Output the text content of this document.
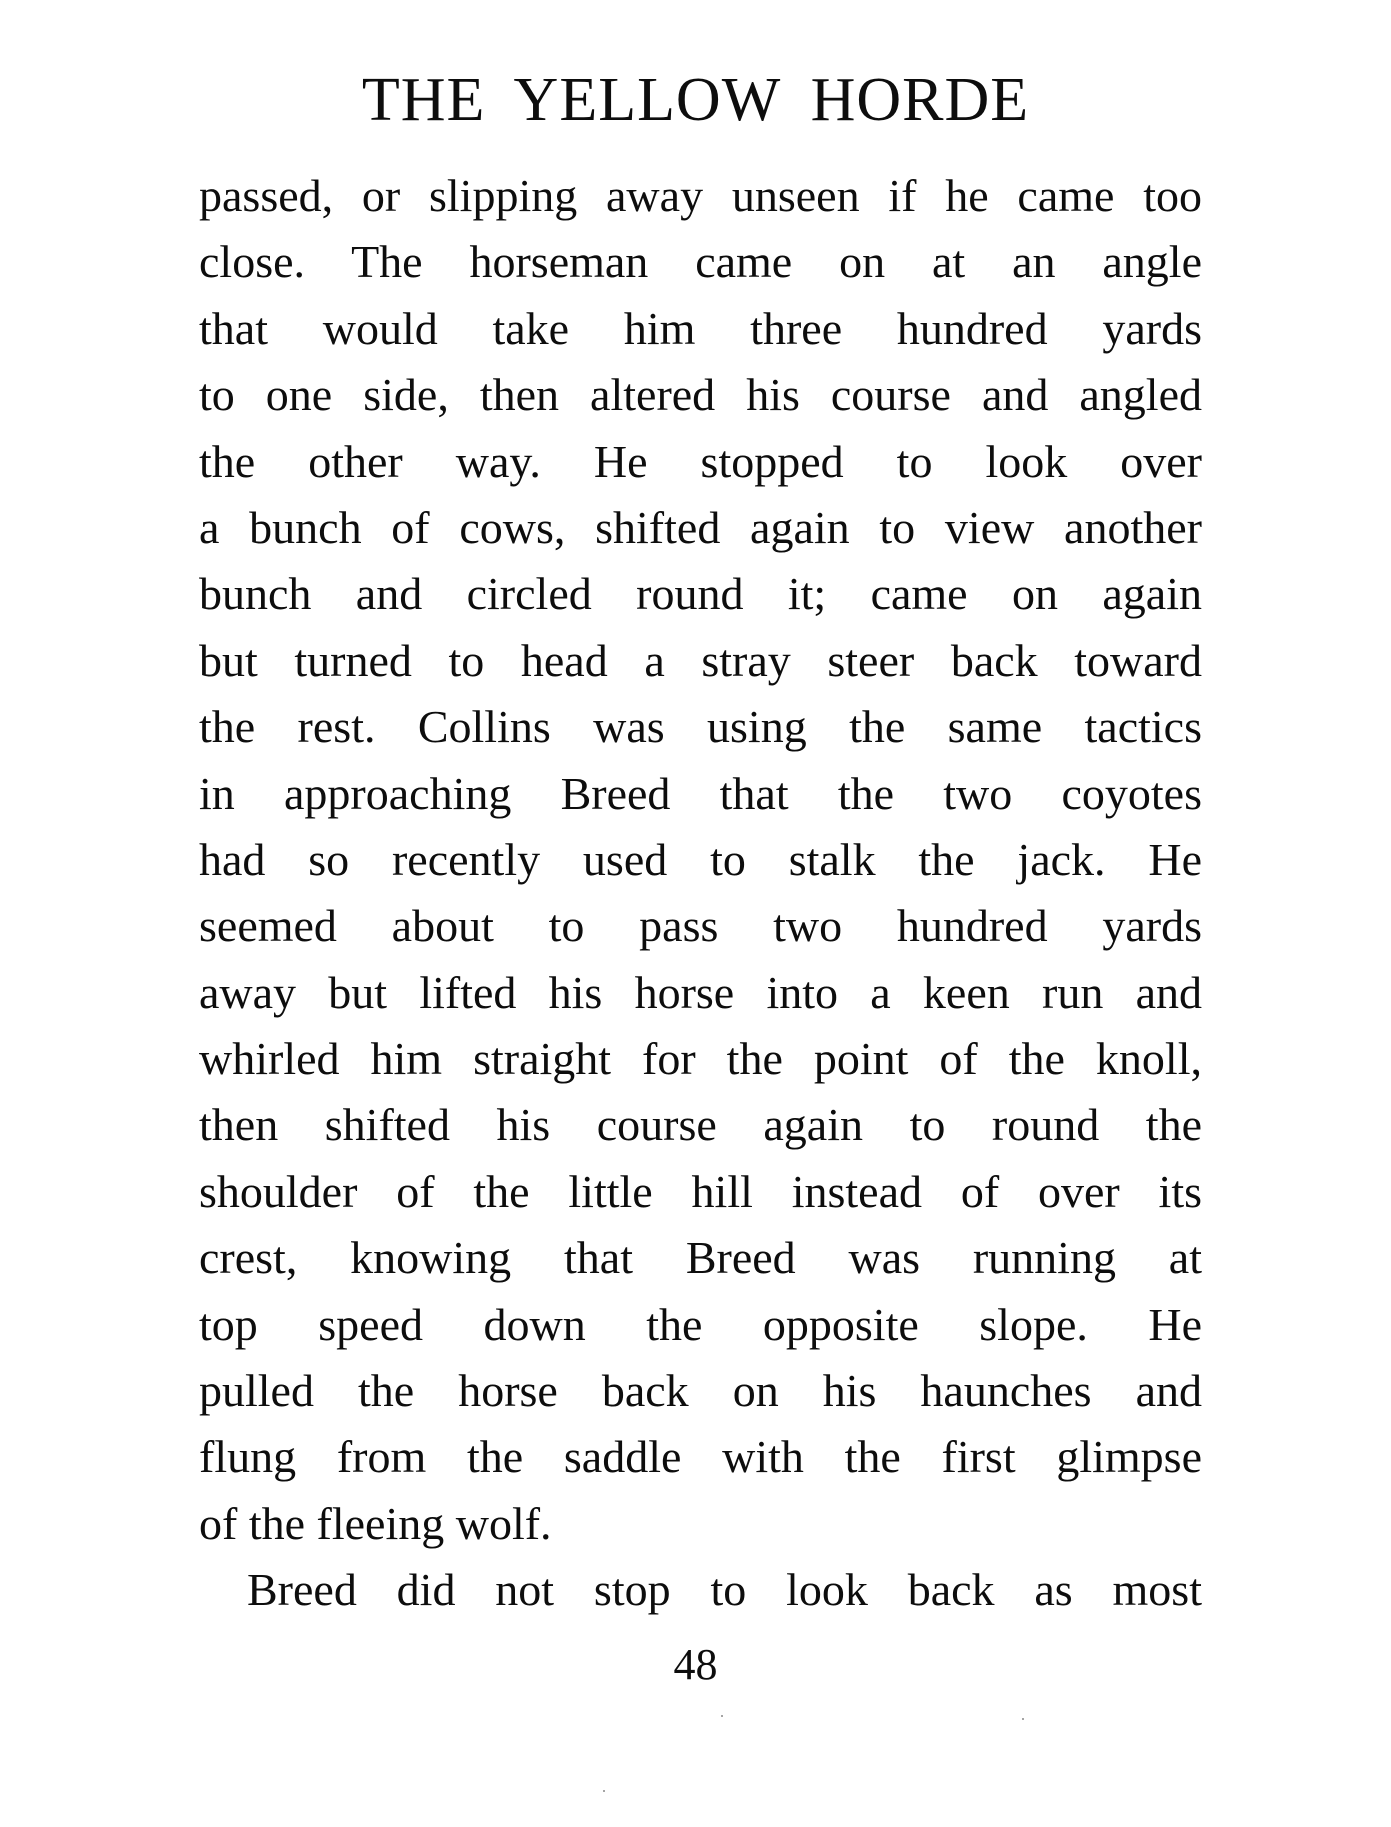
THE YELLOW HORDE
passed, or slipping away unseen if he came too
close. The horseman came on at an angle
that would take him three hundred yards
to one side, then altered his course and angled
the other way. He stopped to look over
a bunch of cows, shifted again to view another
bunch and circled round it; came on again
but turned to head a stray steer back toward
the rest. Collins was using the same tactics
in approaching Breed that the two coyotes
had so recently used to stalk the jack. He
seemed about to pass two hundred yards
away but lifted his horse into a keen run and
whirled him straight for the point of the knoll,
then shifted his course again to round the
shoulder of the little hill instead of over its
crest, knowing that Breed was running at
top speed down the opposite slope. He
pulled the horse back on his haunches and
flung from the saddle with the first glimpse
of the fleeing wolf.
Breed did not stop to look back as most
48
